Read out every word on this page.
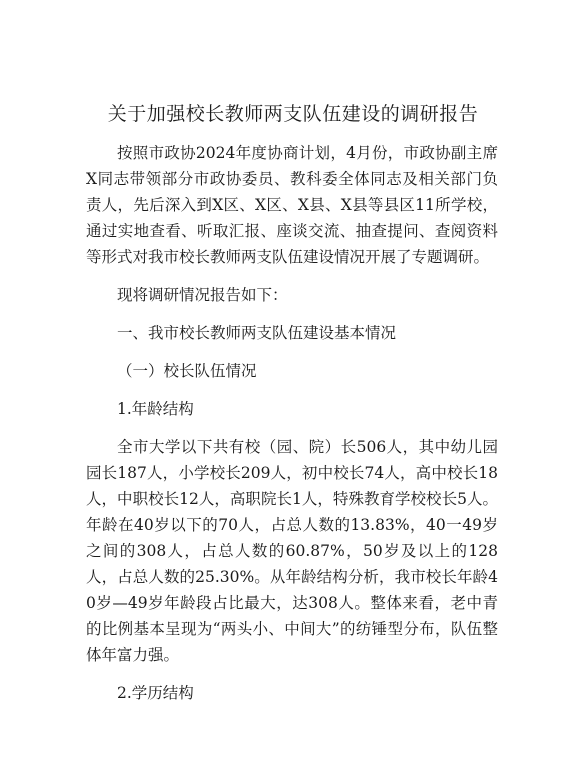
关于加强校长教师两支队伍建设的调研报告

按照市政协2024年度协商计划，4月份，市政协副主席X同志带领部分市政协委员、教科委全体同志及相关部门负责人，先后深入到X区、X区、X县、X县等县区11所学校，通过实地查看、听取汇报、座谈交流、抽查提问、查阅资料等形式对我市校长教师两支队伍建设情况开展了专题调研。

现将调研情况报告如下：

一、我市校长教师两支队伍建设基本情况

（一）校长队伍情况

1.年龄结构

全市大学以下共有校（园、院）长506人，其中幼儿园园长187人，小学校长209人，初中校长74人，高中校长18人，中职校长12人，高职院长1人，特殊教育学校校长5人。年龄在40岁以下的70人，占总人数的13.83%，40一49岁之间的308人，占总人数的60.87%，50岁及以上的128人，占总人数的25.30%。从年龄结构分析，我市校长年龄40岁—49岁年龄段占比最大，达308人。整体来看，老中青的比例基本呈现为“两头小、中间大”的纺锤型分布，队伍整体年富力强。

2.学历结构
